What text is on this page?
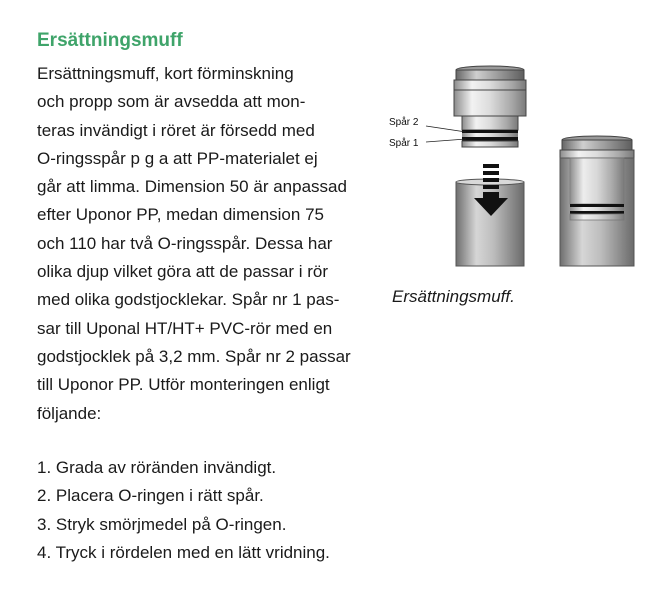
Ersättningsmuff
Ersättningsmuff, kort förminskning
och propp som är avsedda att mon-
teras invändigt i röret är försedd med
O-ringsspår p g a att PP-materialet ej
går att limma. Dimension 50 är anpassad
efter Uponor PP, medan dimension 75
och 110 har två O-ringsspår. Dessa har
olika djup vilket göra att de passar i rör
med olika godstjocklekar. Spår nr 1 pas-
sar till Uponal HT/HT+ PVC-rör med en
godstjocklek på 3,2 mm. Spår nr 2 passar
till Uponor PP. Utför monteringen enligt
följande:
1. Grada av röränden invändigt.
2. Placera O-ringen i rätt spår.
3. Stryk smörjmedel på O-ringen.
4. Tryck i rördelen med en lätt vridning.
Spår 2
Spår 1
Ersättningsmuff.
